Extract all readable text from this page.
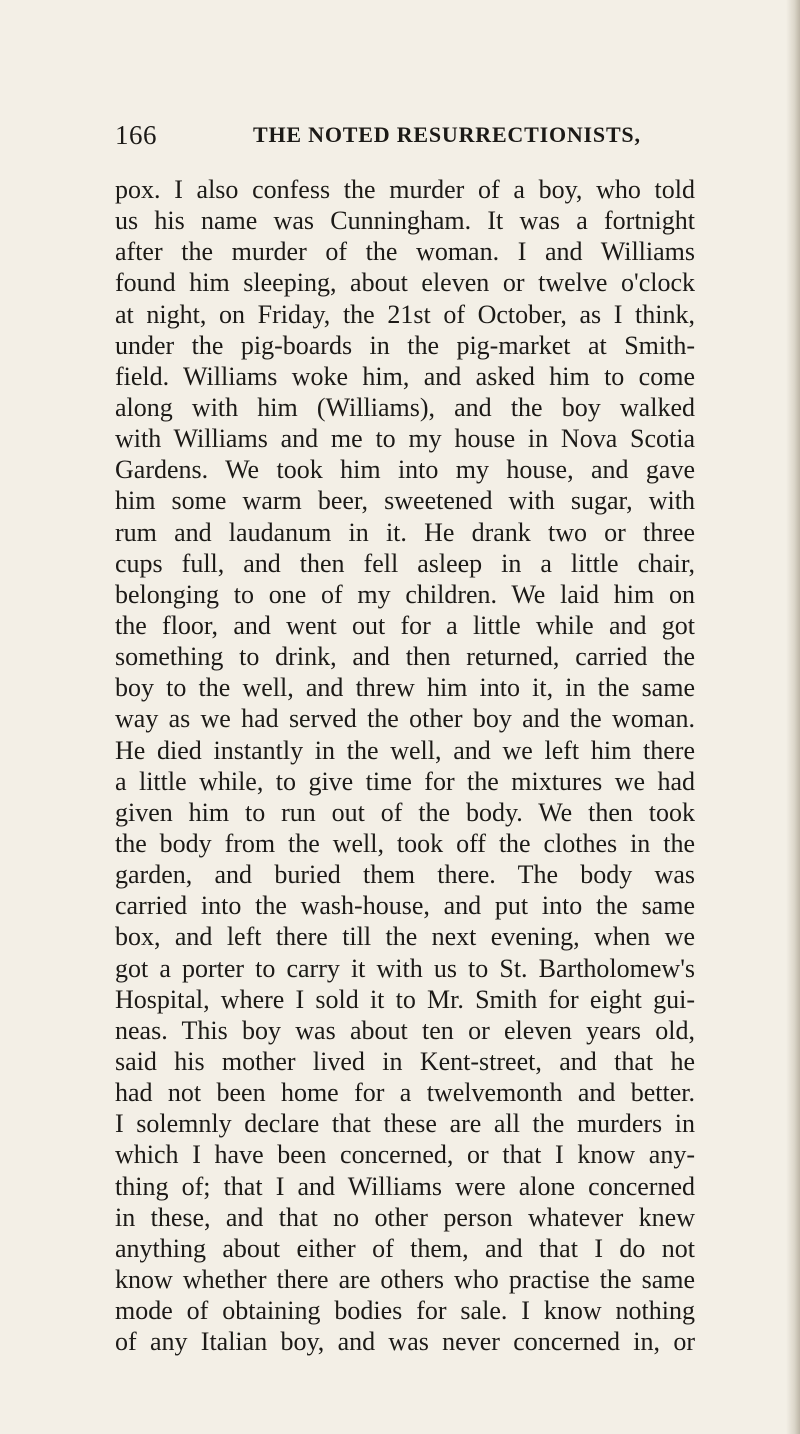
166	THE NOTED RESURRECTIONISTS,
pox. I also confess the murder of a boy, who told
us his name was Cunningham. It was a fortnight
after the murder of the woman. I and Williams
found him sleeping, about eleven or twelve o'clock
at night, on Friday, the 21st of October, as I think,
under the pig-boards in the pig-market at Smith-
field. Williams woke him, and asked him to come
along with him (Williams), and the boy walked
with Williams and me to my house in Nova Scotia
Gardens. We took him into my house, and gave
him some warm beer, sweetened with sugar, with
rum and laudanum in it. He drank two or three
cups full, and then fell asleep in a little chair,
belonging to one of my children. We laid him on
the floor, and went out for a little while and got
something to drink, and then returned, carried the
boy to the well, and threw him into it, in the same
way as we had served the other boy and the woman.
He died instantly in the well, and we left him there
a little while, to give time for the mixtures we had
given him to run out of the body. We then took
the body from the well, took off the clothes in the
garden, and buried them there. The body was
carried into the wash-house, and put into the same
box, and left there till the next evening, when we
got a porter to carry it with us to St. Bartholomew's
Hospital, where I sold it to Mr. Smith for eight gui-
neas. This boy was about ten or eleven years old,
said his mother lived in Kent-street, and that he
had not been home for a twelvemonth and better.
I solemnly declare that these are all the murders in
which I have been concerned, or that I know any-
thing of; that I and Williams were alone concerned
in these, and that no other person whatever knew
anything about either of them, and that I do not
know whether there are others who practise the same
mode of obtaining bodies for sale. I know nothing
of any Italian boy, and was never concerned in, or
